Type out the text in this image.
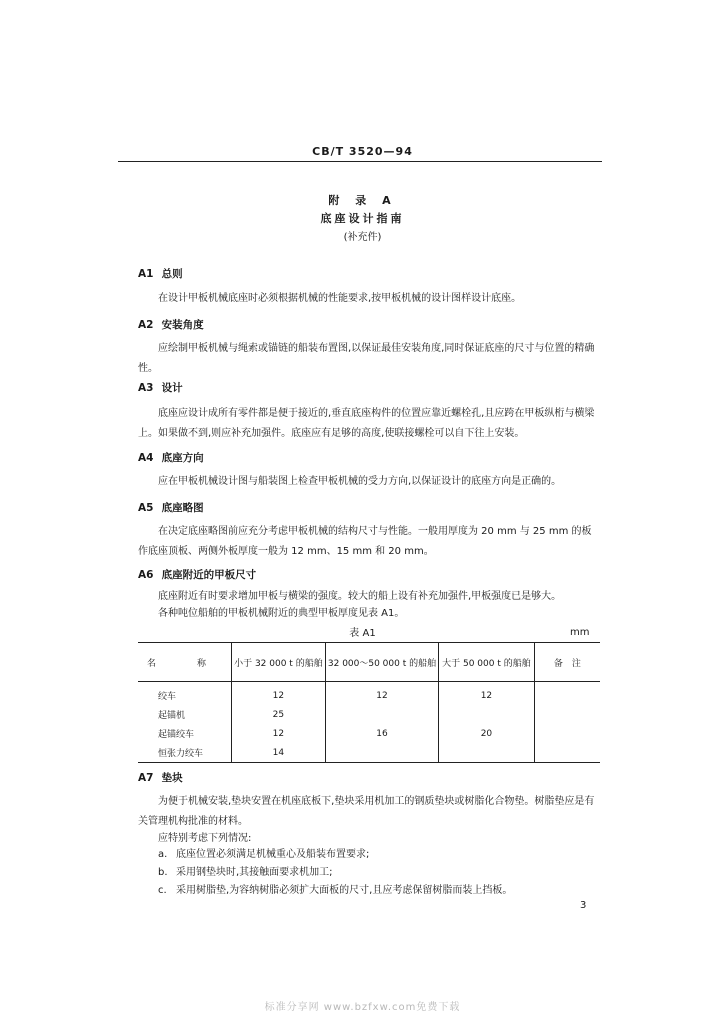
CB/T 3520—94
附 录 A
底座设计指南
(补充件)
A1 总则
在设计甲板机械底座时必须根据机械的性能要求,按甲板机械的设计图样设计底座。
A2 安装角度
应绘制甲板机械与绳索或锚链的船装布置图,以保证最佳安装角度,同时保证底座的尺寸与位置的精确性。
A3 设计
底座应设计成所有零件都是便于接近的,垂直底座构件的位置应靠近螺栓孔,且应跨在甲板纵桁与横梁上。如果做不到,则应补充加强件。底座应有足够的高度,使联接螺栓可以自下往上安装。
A4 底座方向
应在甲板机械设计图与船装图上检查甲板机械的受力方向,以保证设计的底座方向是正确的。
A5 底座略图
在决定底座略图前应充分考虑甲板机械的结构尺寸与性能。一般用厚度为 20 mm 与 25 mm 的板作底座顶板、两侧外板厚度一般为 12 mm、15 mm 和 20 mm。
A6 底座附近的甲板尺寸
底座附近有时要求增加甲板与横梁的强度。较大的船上设有补充加强件,甲板强度已是够大。
各种吨位船舶的甲板机械附近的典型甲板厚度见表 A1。
表 A1	mm
名　称	小于 32 000 t 的船舶	32 000～50 000 t 的船舶	大于 50 000 t 的船舶	备　注
绞车	12	12	12	
起锚机	25			
起锚绞车	12	16	20	
恒张力绞车	14			
A7 垫块
为便于机械安装,垫块安置在机座底板下,垫块采用机加工的钢质垫块或树脂化合物垫。树脂垫应是有关管理机构批准的材料。
应特别考虑下列情况:
a. 底座位置必须满足机械重心及船装布置要求;
b. 采用钢垫块时,其接触面要求机加工;
c. 采用树脂垫,为容纳树脂必须扩大面板的尺寸,且应考虑保留树脂而装上挡板。
3
标准分享网 www.bzfxw.com免费下载
